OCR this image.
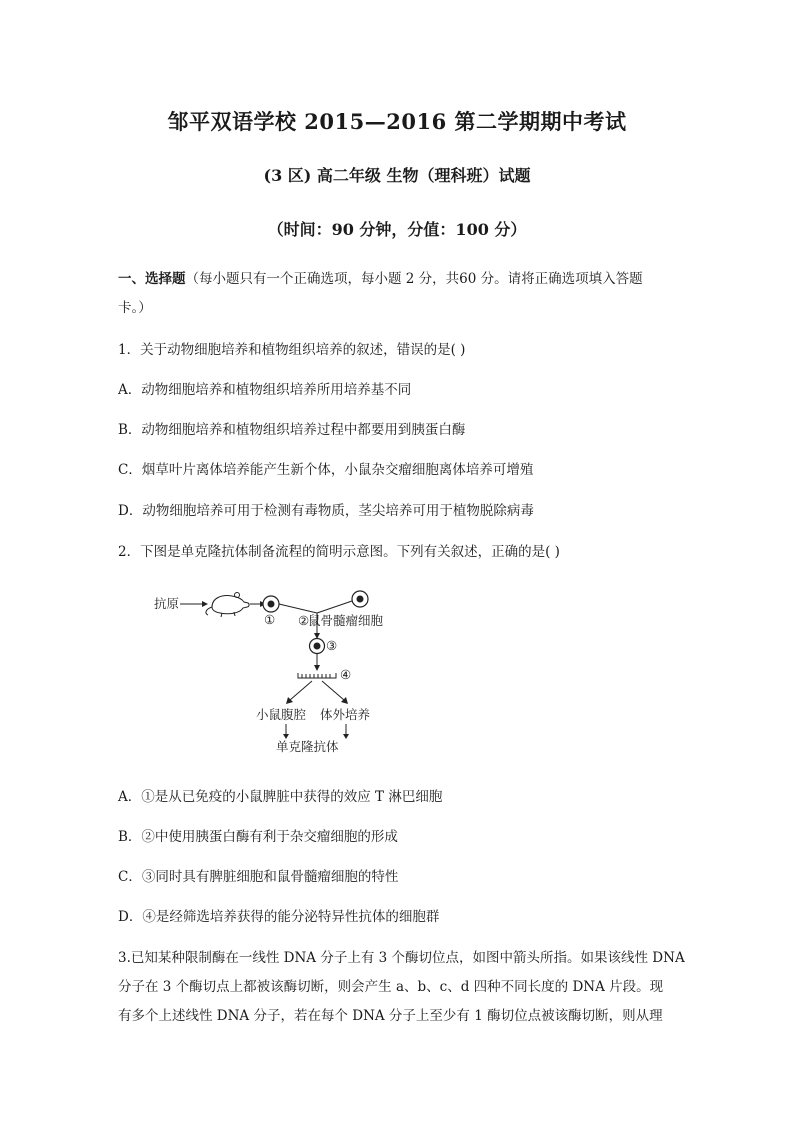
邹平双语学校 2015—2016 第二学期期中考试
(3 区) 高二年级 生物（理科班）试题
（时间：90 分钟，分值：100 分）
一、选择题（每小题只有一个正确选项，每小题 2 分，共60 分。请将正确选项填入答题
卡。）
1．关于动物细胞培养和植物组织培养的叙述，错误的是( )
A．动物细胞培养和植物组织培养所用培养基不同
B．动物细胞培养和植物组织培养过程中都要用到胰蛋白酶
C．烟草叶片离体培养能产生新个体，小鼠杂交瘤细胞离体培养可增殖
D．动物细胞培养可用于检测有毒物质，茎尖培养可用于植物脱除病毒
2．下图是单克隆抗体制备流程的简明示意图。下列有关叙述，正确的是( )
抗原
① ②
鼠骨髓瘤细胞
③
④
小鼠腹腔 体外培养
单克隆抗体
A．①是从已免疫的小鼠脾脏中获得的效应 T 淋巴细胞
B．②中使用胰蛋白酶有利于杂交瘤细胞的形成
C．③同时具有脾脏细胞和鼠骨髓瘤细胞的特性
D．④是经筛选培养获得的能分泌特异性抗体的细胞群
3.已知某种限制酶在一线性 DNA 分子上有 3 个酶切位点，如图中箭头所指。如果该线性 DNA
分子在 3 个酶切点上都被该酶切断，则会产生 a、b、c、d 四种不同长度的 DNA 片段。现
有多个上述线性 DNA 分子，若在每个 DNA 分子上至少有 1 酶切位点被该酶切断，则从理
